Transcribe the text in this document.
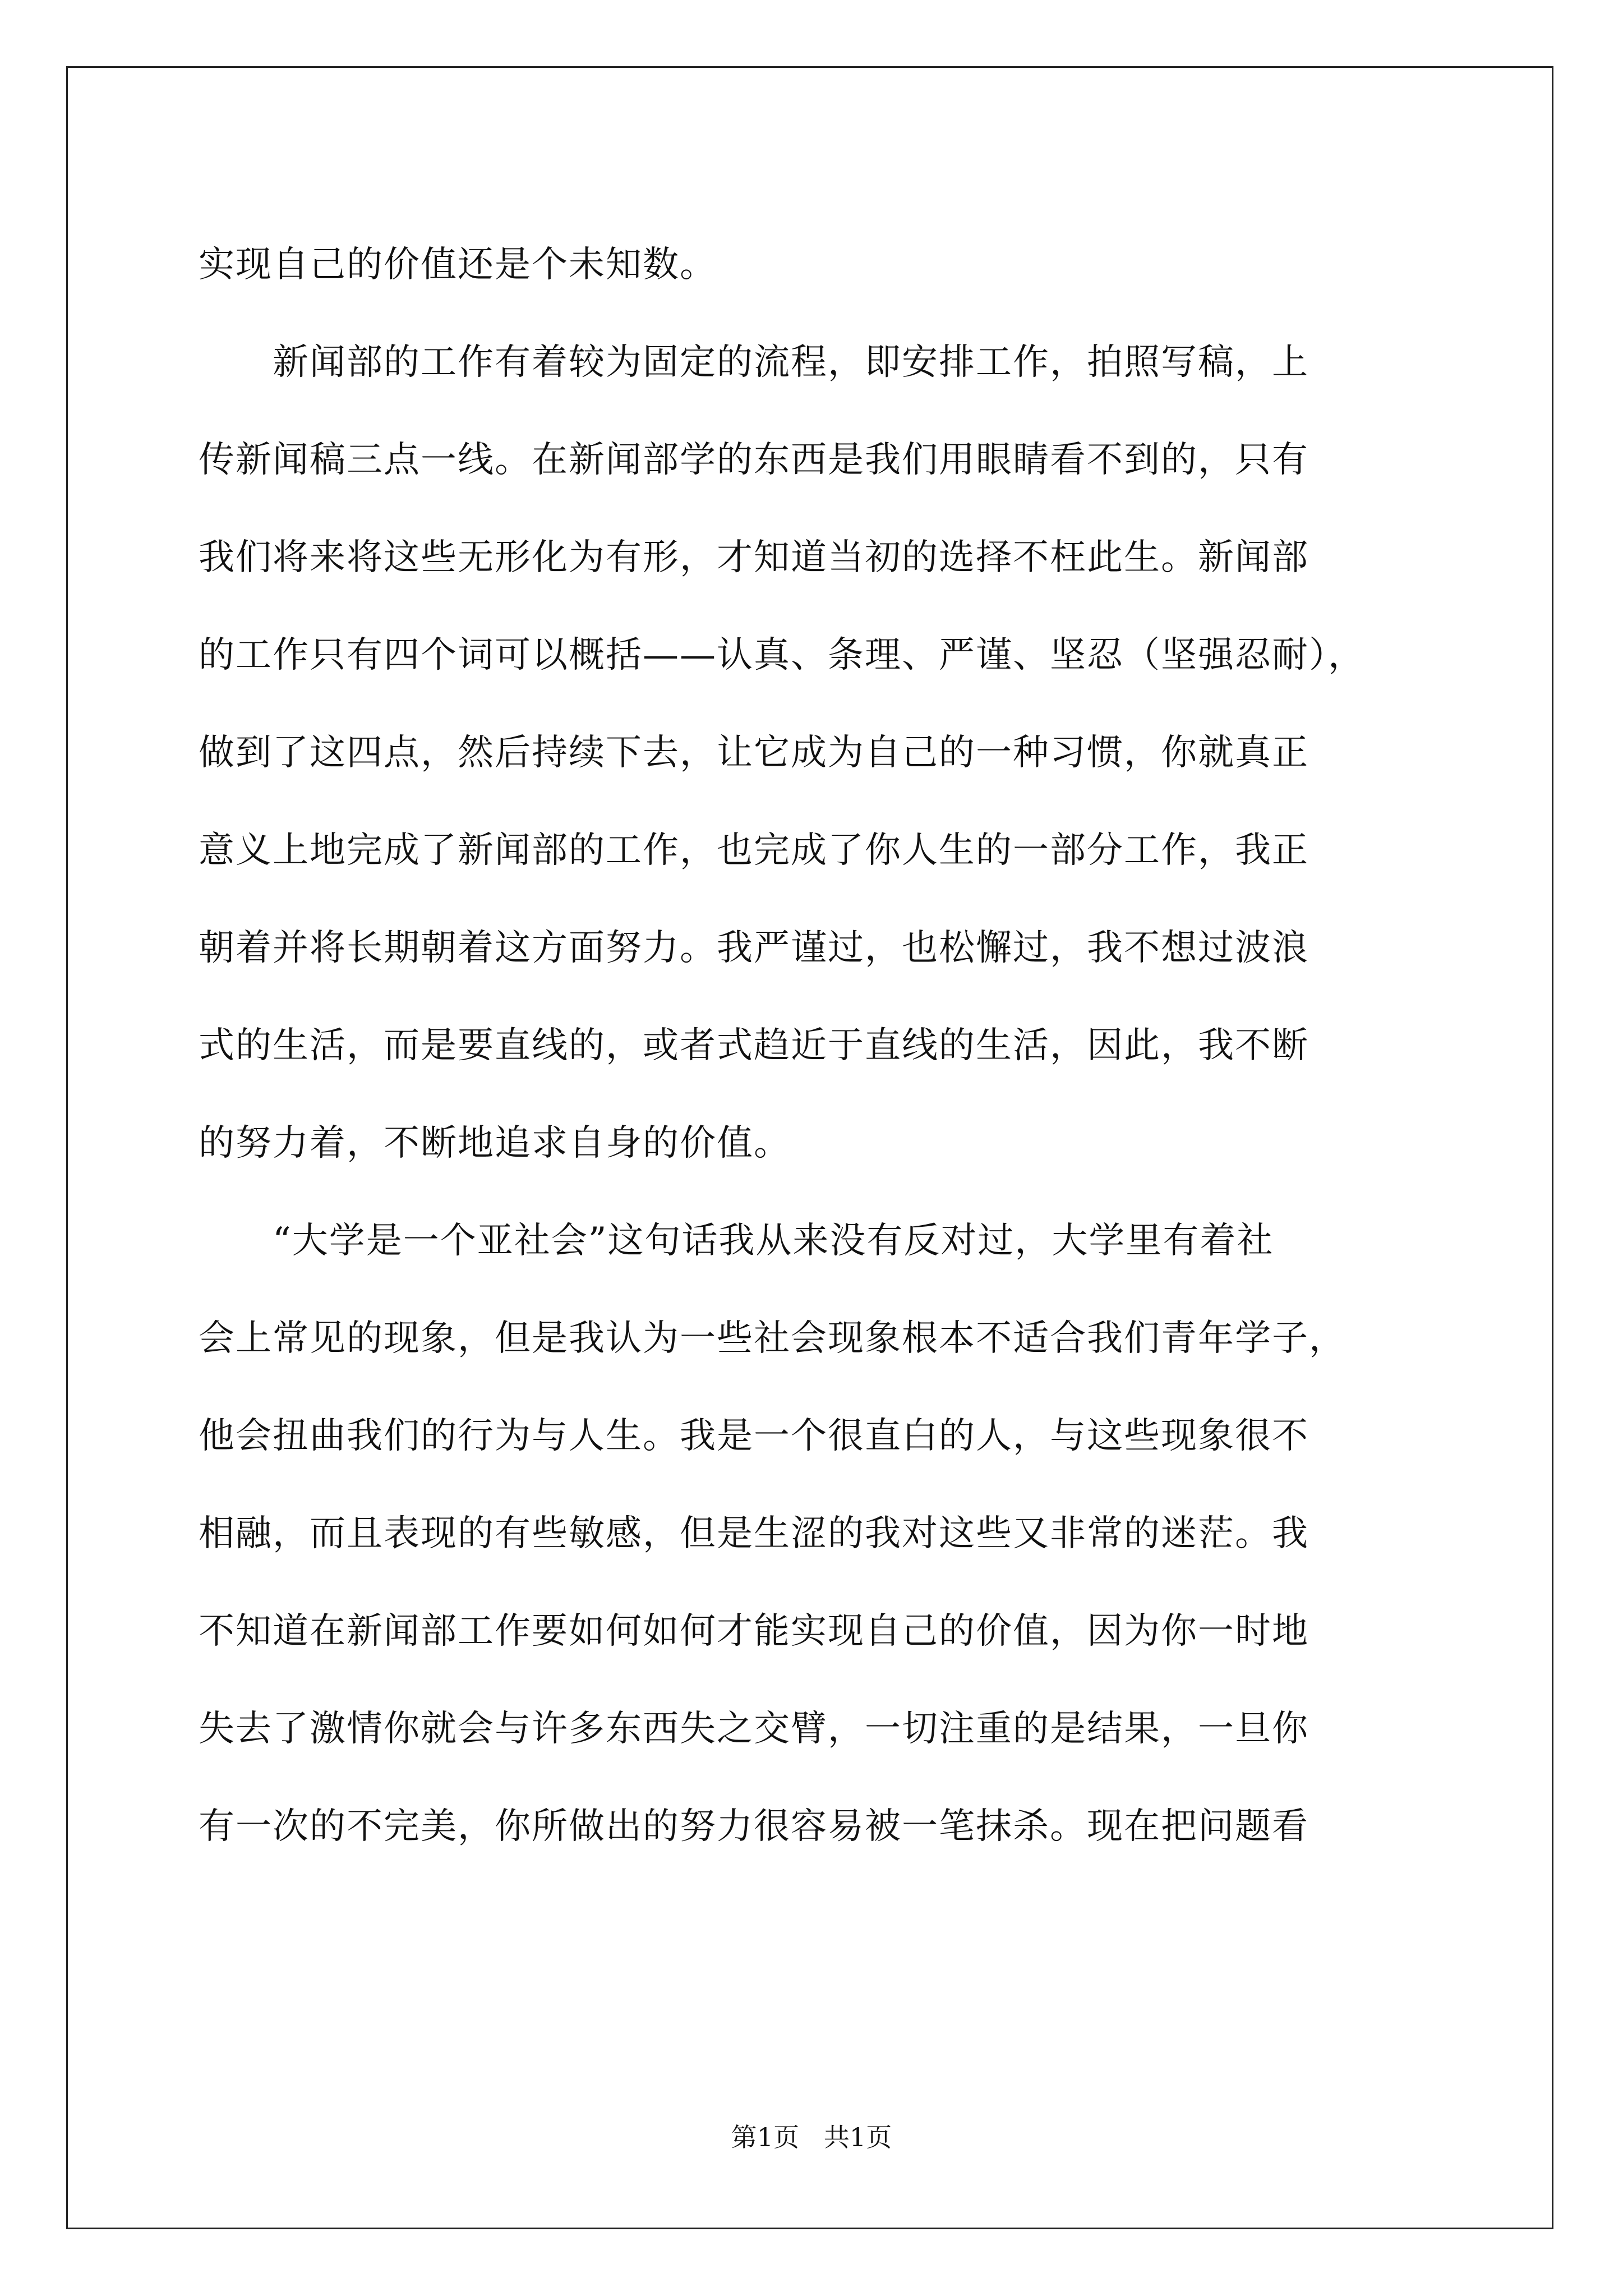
实现自己的价值还是个未知数。
　　新闻部的工作有着较为固定的流程，即安排工作，拍照写稿，上
传新闻稿三点一线。在新闻部学的东西是我们用眼睛看不到的，只有
我们将来将这些无形化为有形，才知道当初的选择不枉此生。新闻部
的工作只有四个词可以概括——认真、条理、严谨、坚忍（坚强忍耐），
做到了这四点，然后持续下去，让它成为自己的一种习惯，你就真正
意义上地完成了新闻部的工作，也完成了你人生的一部分工作，我正
朝着并将长期朝着这方面努力。我严谨过，也松懈过，我不想过波浪
式的生活，而是要直线的，或者式趋近于直线的生活，因此，我不断
的努力着，不断地追求自身的价值。
　　“大学是一个亚社会”这句话我从来没有反对过，大学里有着社
会上常见的现象，但是我认为一些社会现象根本不适合我们青年学子，
他会扭曲我们的行为与人生。我是一个很直白的人，与这些现象很不
相融，而且表现的有些敏感，但是生涩的我对这些又非常的迷茫。我
不知道在新闻部工作要如何如何才能实现自己的价值，因为你一时地
失去了激情你就会与许多东西失之交臂，一切注重的是结果，一旦你
有一次的不完美，你所做出的努力很容易被一笔抹杀。现在把问题看
第1页   共1页
